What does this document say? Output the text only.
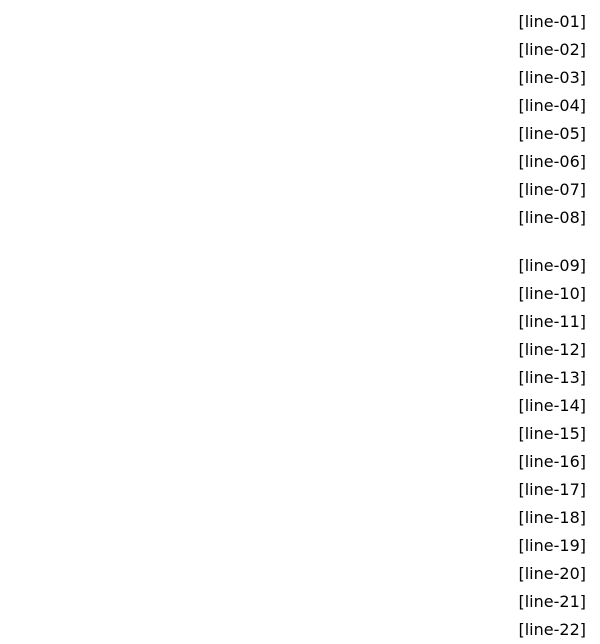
[line-01]
[line-02]
[line-03]
[line-04]
[line-05]
[line-06]
[line-07]
[line-08]
[line-09]
[line-10]
[line-11]
[line-12]
[line-13]
[line-14]
[line-15]
[line-16]
[line-17]
[line-18]
[line-19]
[line-20]
[line-21]
[line-22]
